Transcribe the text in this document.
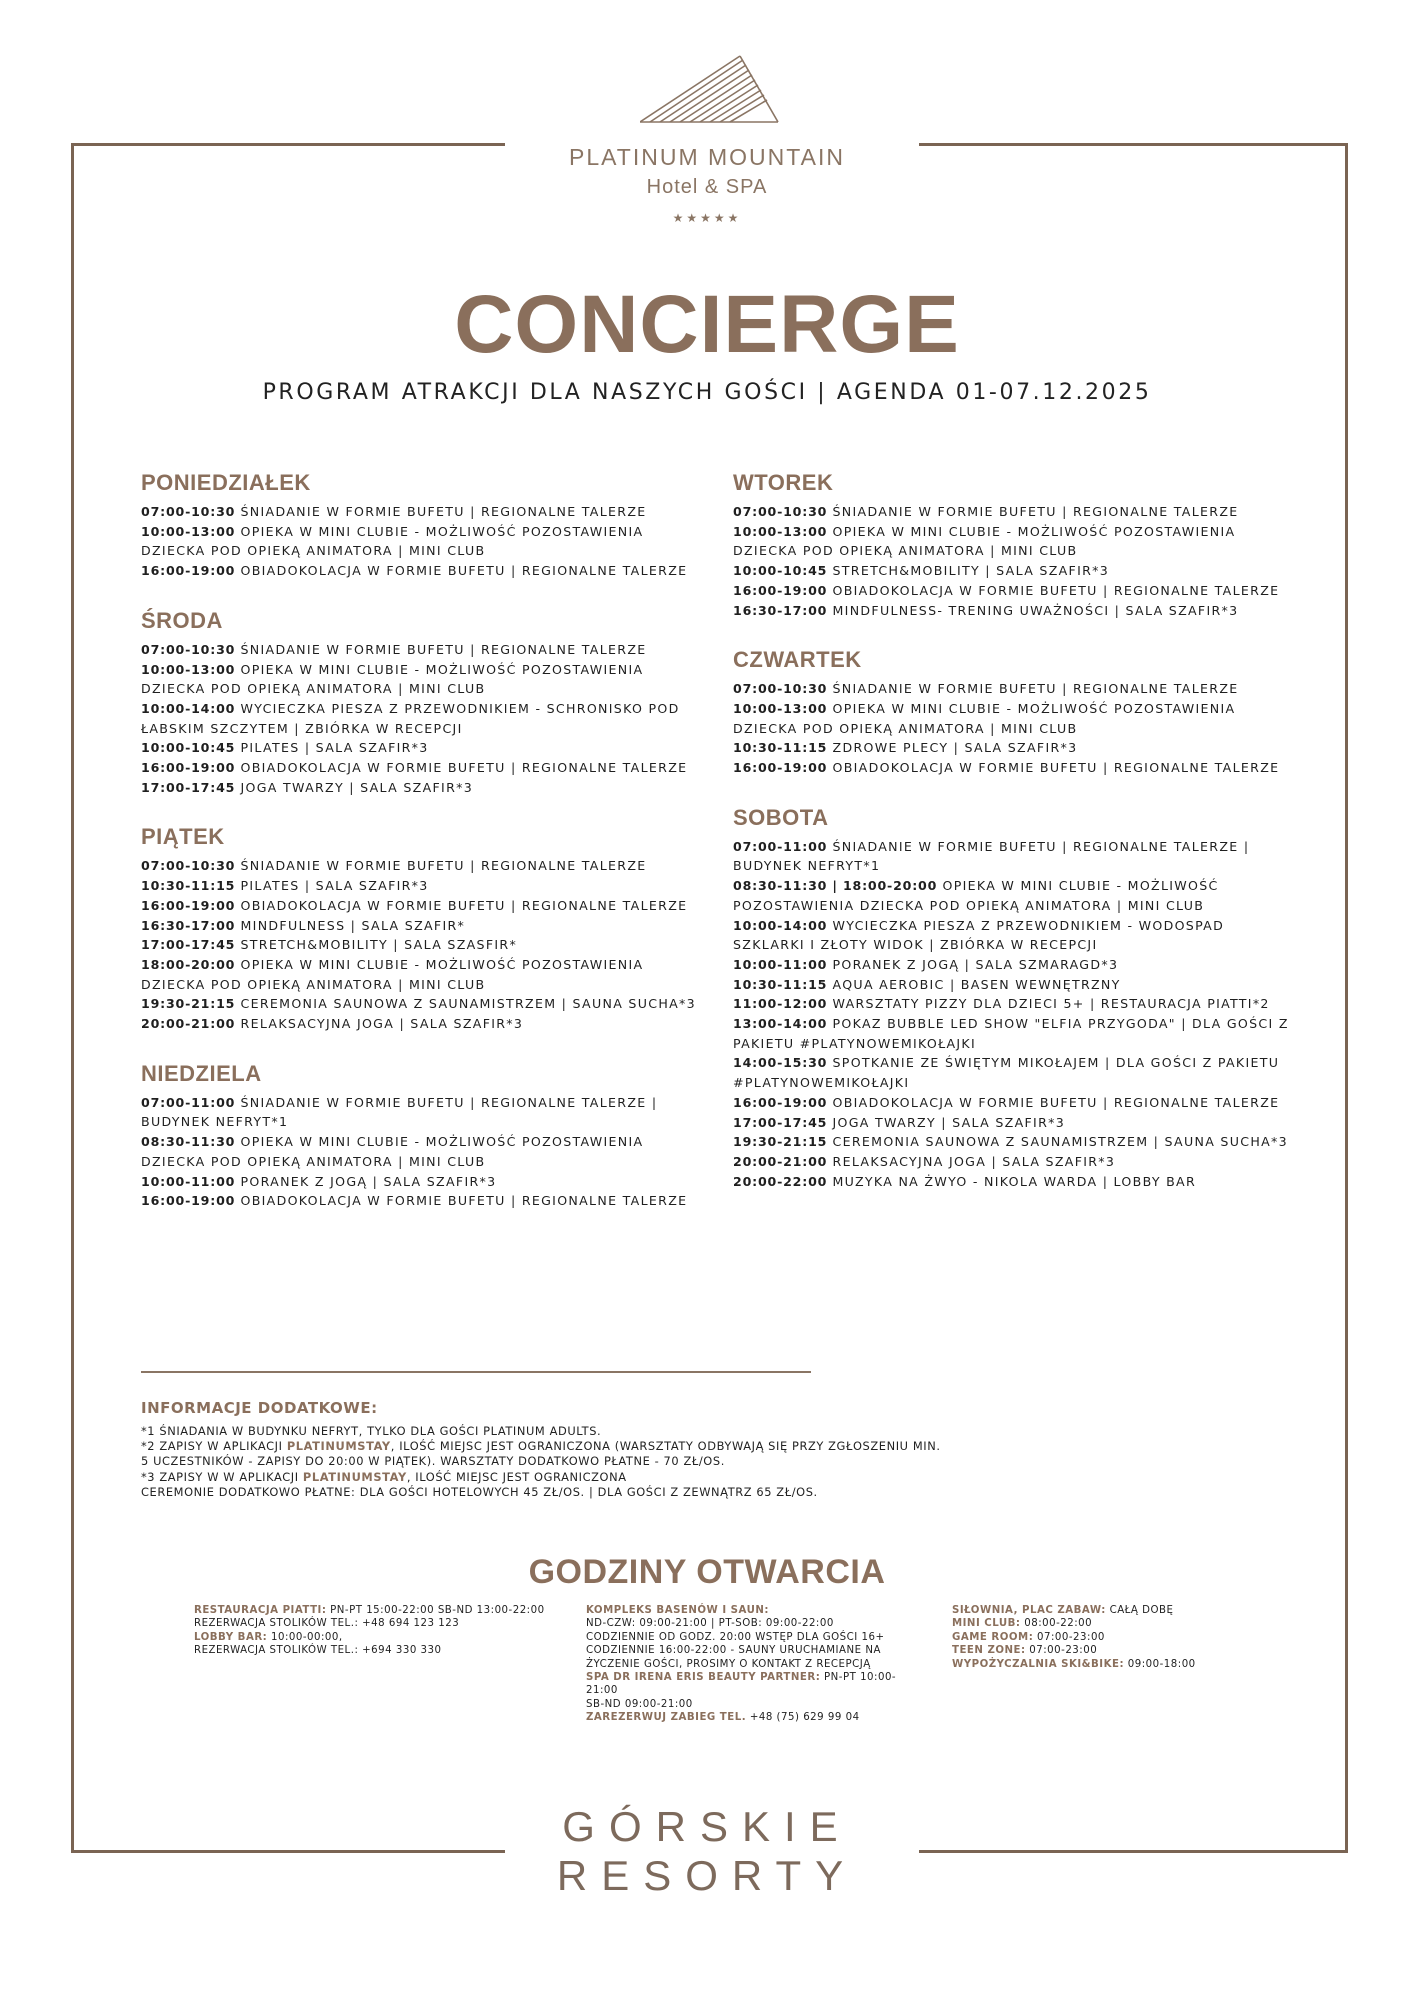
PLATINUM MOUNTAIN
Hotel & SPA
★★★★★
CONCIERGE
PROGRAM ATRAKCJI DLA NASZYCH GOŚCI | AGENDA 01-07.12.2025
PONIEDZIAŁEK
07:00-10:30 ŚNIADANIE W FORMIE BUFETU | REGIONALNE TALERZE
10:00-13:00 OPIEKA W MINI CLUBIE - MOŻLIWOŚĆ POZOSTAWIENIA DZIECKA POD OPIEKĄ ANIMATORA | MINI CLUB
16:00-19:00 OBIADOKOLACJA W FORMIE BUFETU | REGIONALNE TALERZE
ŚRODA
07:00-10:30 ŚNIADANIE W FORMIE BUFETU | REGIONALNE TALERZE
10:00-13:00 OPIEKA W MINI CLUBIE - MOŻLIWOŚĆ POZOSTAWIENIA DZIECKA POD OPIEKĄ ANIMATORA | MINI CLUB
10:00-14:00 WYCIECZKA PIESZA Z PRZEWODNIKIEM - SCHRONISKO POD ŁABSKIM SZCZYTEM | ZBIÓRKA W RECEPCJI
10:00-10:45 PILATES | SALA SZAFIR*3
16:00-19:00 OBIADOKOLACJA W FORMIE BUFETU | REGIONALNE TALERZE
17:00-17:45 JOGA TWARZY | SALA SZAFIR*3
PIĄTEK
07:00-10:30 ŚNIADANIE W FORMIE BUFETU | REGIONALNE TALERZE
10:30-11:15 PILATES | SALA SZAFIR*3
16:00-19:00 OBIADOKOLACJA W FORMIE BUFETU | REGIONALNE TALERZE
16:30-17:00 MINDFULNESS | SALA SZAFIR*
17:00-17:45 STRETCH&MOBILITY | SALA SZASFIR*
18:00-20:00 OPIEKA W MINI CLUBIE - MOŻLIWOŚĆ POZOSTAWIENIA DZIECKA POD OPIEKĄ ANIMATORA | MINI CLUB
19:30-21:15 CEREMONIA SAUNOWA Z SAUNAMISTRZEM | SAUNA SUCHA*3
20:00-21:00 RELAKSACYJNA JOGA | SALA SZAFIR*3
NIEDZIELA
07:00-11:00 ŚNIADANIE W FORMIE BUFETU | REGIONALNE TALERZE | BUDYNEK NEFRYT*1
08:30-11:30 OPIEKA W MINI CLUBIE - MOŻLIWOŚĆ POZOSTAWIENIA DZIECKA POD OPIEKĄ ANIMATORA | MINI CLUB
10:00-11:00 PORANEK Z JOGĄ | SALA SZAFIR*3
16:00-19:00 OBIADOKOLACJA W FORMIE BUFETU | REGIONALNE TALERZE
WTOREK
07:00-10:30 ŚNIADANIE W FORMIE BUFETU | REGIONALNE TALERZE
10:00-13:00 OPIEKA W MINI CLUBIE - MOŻLIWOŚĆ POZOSTAWIENIA DZIECKA POD OPIEKĄ ANIMATORA | MINI CLUB
10:00-10:45 STRETCH&MOBILITY | SALA SZAFIR*3
16:00-19:00 OBIADOKOLACJA W FORMIE BUFETU | REGIONALNE TALERZE
16:30-17:00 MINDFULNESS- TRENING UWAŻNOŚCI | SALA SZAFIR*3
CZWARTEK
07:00-10:30 ŚNIADANIE W FORMIE BUFETU | REGIONALNE TALERZE
10:00-13:00 OPIEKA W MINI CLUBIE - MOŻLIWOŚĆ POZOSTAWIENIA DZIECKA POD OPIEKĄ ANIMATORA | MINI CLUB
10:30-11:15 ZDROWE PLECY | SALA SZAFIR*3
16:00-19:00 OBIADOKOLACJA W FORMIE BUFETU | REGIONALNE TALERZE
SOBOTA
07:00-11:00 ŚNIADANIE W FORMIE BUFETU | REGIONALNE TALERZE | BUDYNEK NEFRYT*1
08:30-11:30 | 18:00-20:00 OPIEKA W MINI CLUBIE - MOŻLIWOŚĆ POZOSTAWIENIA DZIECKA POD OPIEKĄ ANIMATORA | MINI CLUB
10:00-14:00 WYCIECZKA PIESZA Z PRZEWODNIKIEM - WODOSPAD SZKLARKI I ZŁOTY WIDOK | ZBIÓRKA W RECEPCJI
10:00-11:00 PORANEK Z JOGĄ | SALA SZMARAGD*3
10:30-11:15 AQUA AEROBIC | BASEN WEWNĘTRZNY
11:00-12:00 WARSZTATY PIZZY DLA DZIECI 5+ | RESTAURACJA PIATTI*2
13:00-14:00 POKAZ BUBBLE LED SHOW "ELFIA PRZYGODA" | DLA GOŚCI Z PAKIETU #PLATYNOWEMIKOŁAJKI
14:00-15:30 SPOTKANIE ZE ŚWIĘTYM MIKOŁAJEM | DLA GOŚCI Z PAKIETU #PLATYNOWEMIKOŁAJKI
16:00-19:00 OBIADOKOLACJA W FORMIE BUFETU | REGIONALNE TALERZE
17:00-17:45 JOGA TWARZY | SALA SZAFIR*3
19:30-21:15 CEREMONIA SAUNOWA Z SAUNAMISTRZEM | SAUNA SUCHA*3
20:00-21:00 RELAKSACYJNA JOGA | SALA SZAFIR*3
20:00-22:00 MUZYKA NA ŻWYO - NIKOLA WARDA | LOBBY BAR
INFORMACJE DODATKOWE:
*1 ŚNIADANIA W BUDYNKU NEFRYT, TYLKO DLA GOŚCI PLATINUM ADULTS.
*2 ZAPISY W APLIKACJI PLATINUMSTAY, ILOŚĆ MIEJSC JEST OGRANICZONA (WARSZTATY ODBYWAJĄ SIĘ PRZY ZGŁOSZENIU MIN. 5 UCZESTNIKÓW - ZAPISY DO 20:00 W PIĄTEK). WARSZTATY DODATKOWO PŁATNE - 70 ZŁ/OS.
*3 ZAPISY W W APLIKACJI PLATINUMSTAY, ILOŚĆ MIEJSC JEST OGRANICZONA
CEREMONIE DODATKOWO PŁATNE: DLA GOŚCI HOTELOWYCH 45 ZŁ/OS. | DLA GOŚCI Z ZEWNĄTRZ 65 ZŁ/OS.
GODZINY OTWARCIA
RESTAURACJA PIATTI: PN-PT 15:00-22:00 SB-ND 13:00-22:00
REZERWACJA STOLIKÓW TEL.: +48 694 123 123
LOBBY BAR: 10:00-00:00,
REZERWACJA STOLIKÓW TEL.: +694 330 330
KOMPLEKS BASENÓW I SAUN:
ND-CZW: 09:00-21:00 | PT-SOB: 09:00-22:00
CODZIENNIE OD GODZ. 20:00 WSTĘP DLA GOŚCI 16+
CODZIENNIE 16:00-22:00 - SAUNY URUCHAMIANE NA ŻYCZENIE GOŚCI, PROSIMY O KONTAKT Z RECEPCJĄ
SPA DR IRENA ERIS BEAUTY PARTNER: PN-PT 10:00-21:00
SB-ND 09:00-21:00
ZAREZERWUJ ZABIEG TEL. +48 (75) 629 99 04
SIŁOWNIA, PLAC ZABAW: CAŁĄ DOBĘ
MINI CLUB: 08:00-22:00
GAME ROOM: 07:00-23:00
TEEN ZONE: 07:00-23:00
WYPOŻYCZALNIA SKI&BIKE: 09:00-18:00
GÓRSKIE
RESORTY
